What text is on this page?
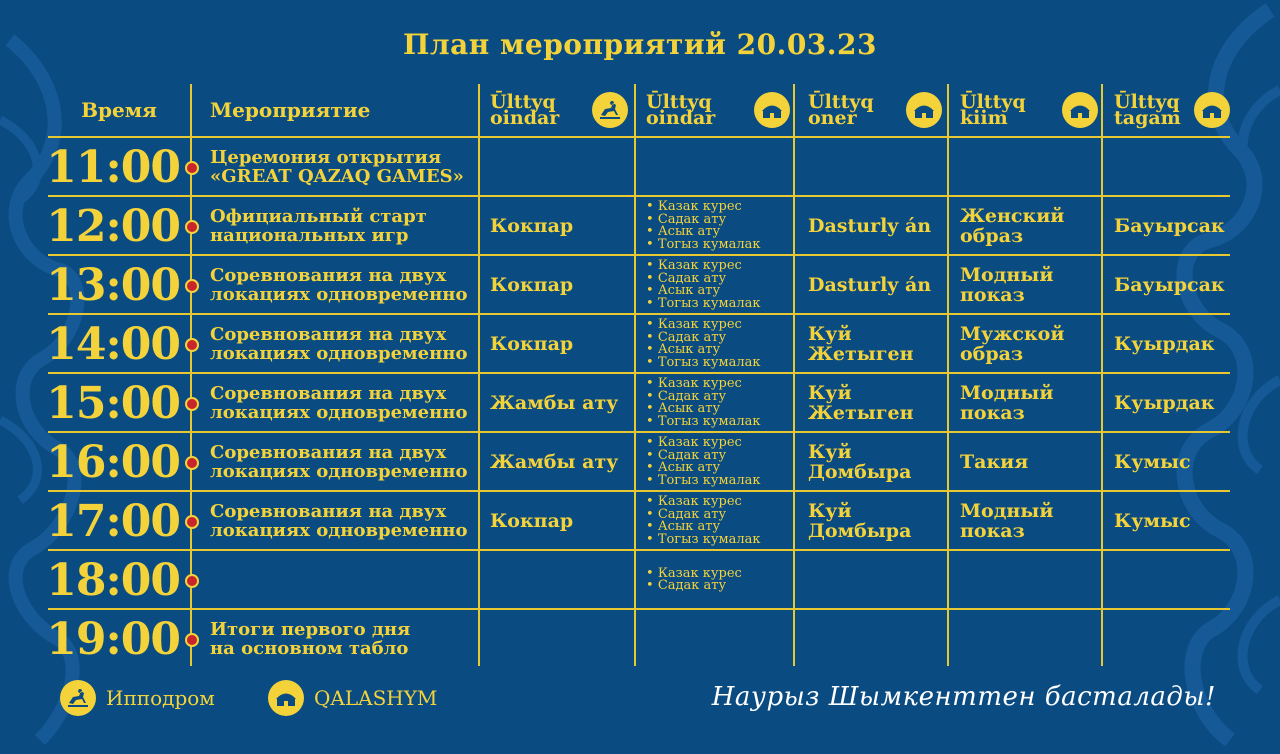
План мероприятий 20.03.23
Время	Мероприятие	Ūlttyq
oindar
Ūlttyq
oindar
Ūlttyq
oner
Ūlttyq
kiim
Ūlttyq
tagam
11:00 Церемония открытия
«GREAT QAZAQ GAMES»
12:00 Официальный старт
национальных игр	Кокпар
• Казак курес
• Садак ату
• Асык ату
• Тогыз кумалак
Dasturly án Женский
образ	Бауырсак
13:00 Соревнования на двух
локациях одновременно Кокпар
• Казак курес
• Садак ату
• Асык ату
• Тогыз кумалак
Dasturly án Модный
показ	Бауырсак
14:00 Соревнования на двух
локациях одновременно Кокпар
• Казак курес
• Садак ату
• Асык ату
• Тогыз кумалак
Куй
Жетыген
Мужской
образ	Куырдак
15:00 Соревнования на двух
локациях одновременно Жамбы ату
• Казак курес
• Садак ату
• Асык ату
• Тогыз кумалак
Куй
Жетыген
Модный
показ	Куырдак
16:00 Соревнования на двух
локациях одновременно Жамбы ату
• Казак курес
• Садак ату
• Асык ату
• Тогыз кумалак
Куй
Домбыра	Такия	Кумыс
17:00 Соревнования на двух
локациях одновременно Кокпар
• Казак курес
• Садак ату
• Асык ату
• Тогыз кумалак
Куй
Домбыра
Модный
показ	Кумыс
18:00
•	Казак курес
• Садак ату
19:00 Итоги первого дня
на основном табло
Ипподром	QALASHYM	Наурыз Шымкенттен басталады!
